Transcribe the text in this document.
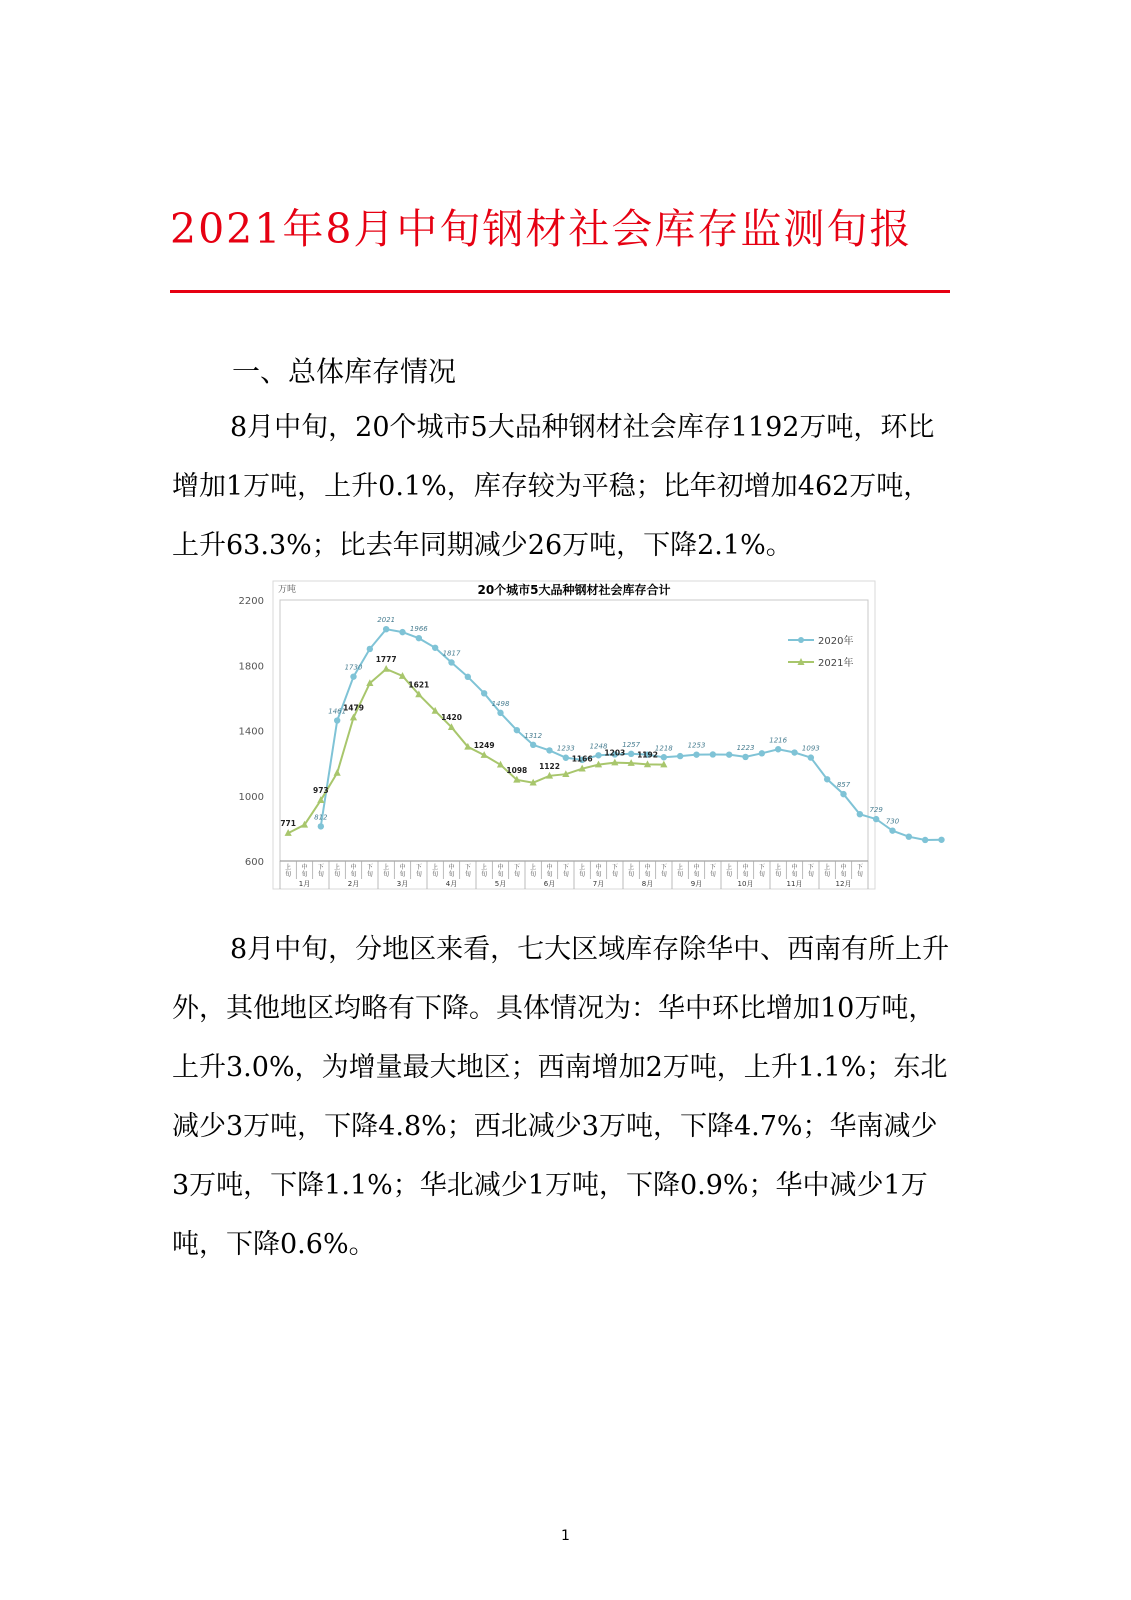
2021年8月中旬钢材社会库存监测旬报
一、总体库存情况

8月中旬，20个城市5大品种钢材社会库存1192万吨，环比增加1万吨，上升0.1%，库存较为平稳；比年初增加462万吨，上升63.3%；比去年同期减少26万吨，下降2.1%。

20个城市5大品种钢材社会库存合计
万吨
600
1000
1400
1800
2200
上
旬
中
旬
下
旬
上
旬
中
旬
下
旬
上
旬
中
旬
下
旬
上
旬
中
旬
下
旬
上
旬
中
旬
下
旬
上
旬
中
旬
下
旬
上
旬
中
旬
下
旬
上
旬
中
旬
下
旬
上
旬
中
旬
下
旬
上
旬
中
旬
下
旬
上
旬
中
旬
下
旬
上
旬
中
旬
下
旬
1月	2月	3月	4月	5月	6月	7月	8月	9月	10月	11月	12月
812
1461
1730
2021
1966
1817
1498
1312
1233 1248 1257 1218 1253	1223
1216
1093
857
729
730
771
973
1479
1777
1621
1420
1249
1098 1122
1166
1203 1192
2020年
2021年

8月中旬，分地区来看，七大区域库存除华中、西南有所上升外，其他地区均略有下降。具体情况为：华中环比增加10万吨，上升3.0%，为增量最大地区；西南增加2万吨，上升1.1%；东北减少3万吨，下降4.8%；西北减少3万吨，下降4.7%；华南减少3万吨，下降1.1%；华北减少1万吨，下降0.9%；华中减少1万吨，下降0.6%。

1
